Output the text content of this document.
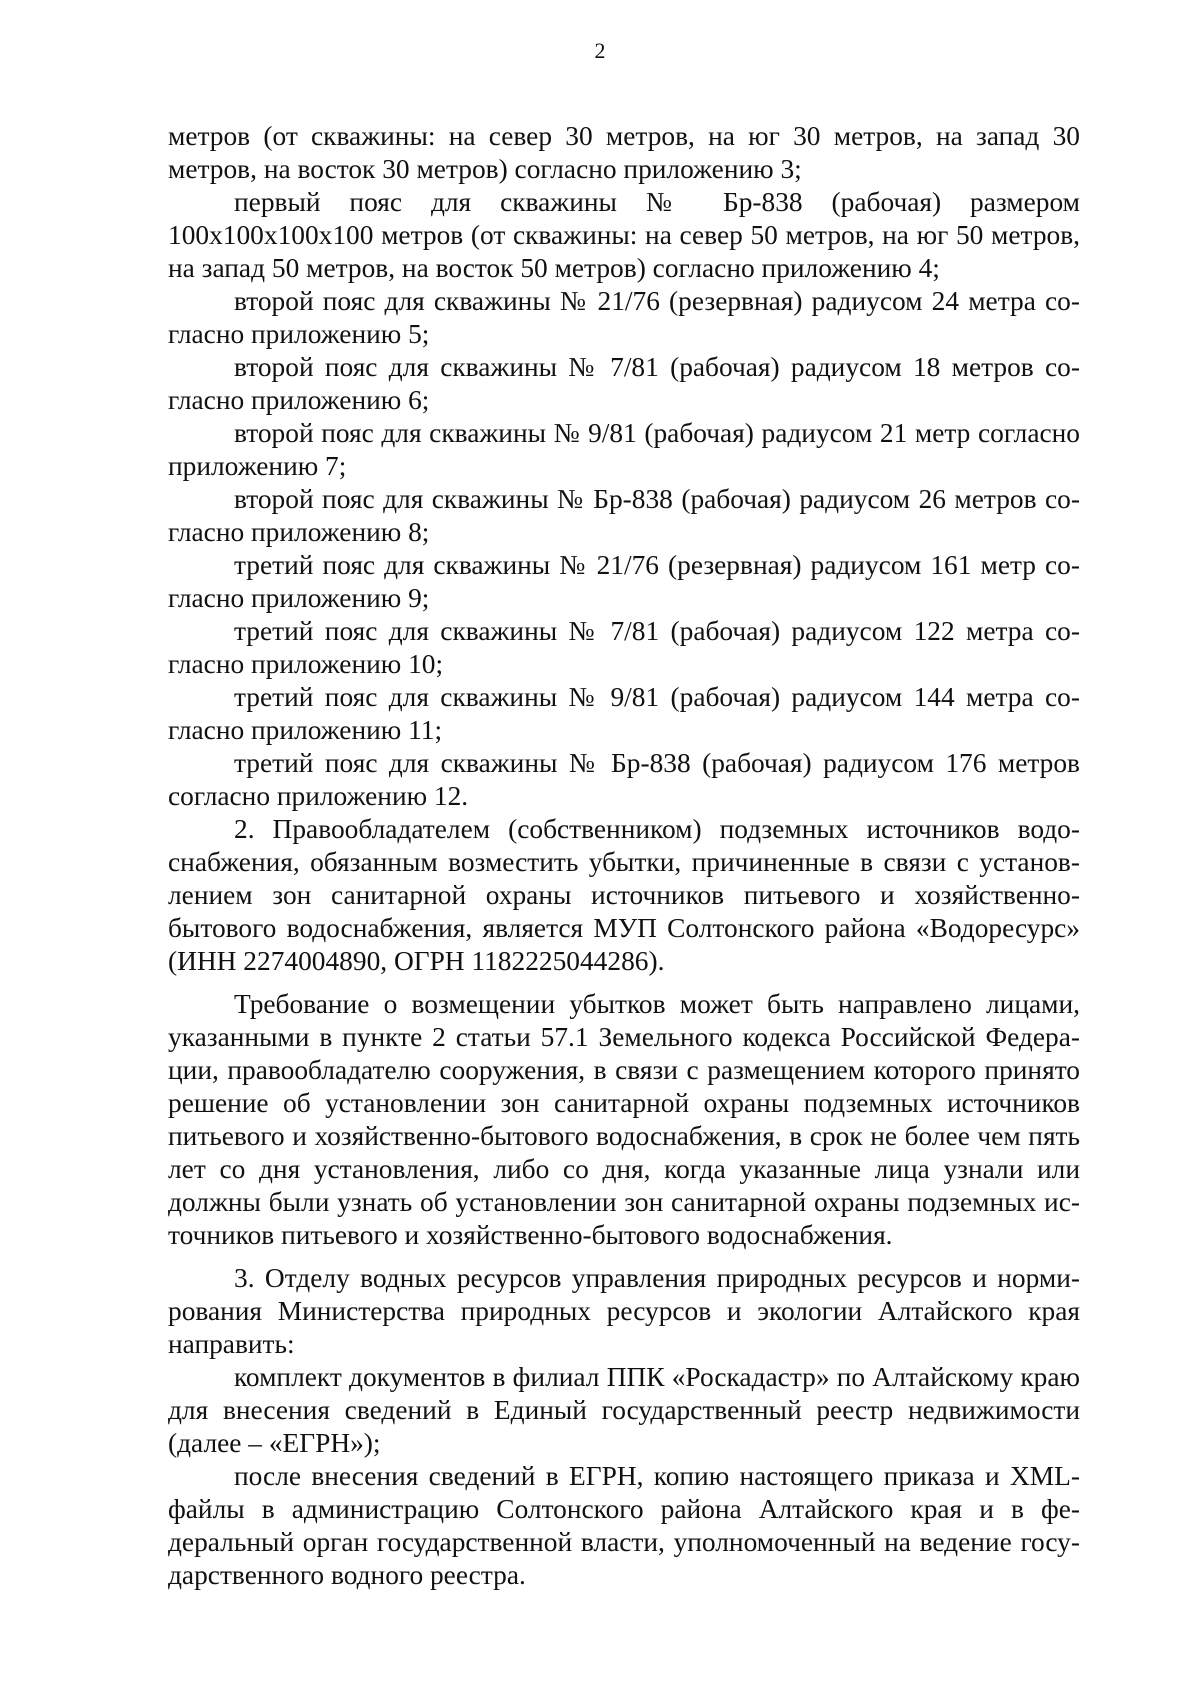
2

метров (от скважины: на север 30 метров, на юг 30 метров, на запад 30 метров, на восток 30 метров) согласно приложению 3;

первый пояс для скважины № Бр-838 (рабочая) размером 100х100х100х100 метров (от скважины: на север 50 метров, на юг 50 метров, на запад 50 метров, на восток 50 метров) согласно приложению 4;

второй пояс для скважины № 21/76 (резервная) радиусом 24 метра согласно приложению 5;

второй пояс для скважины № 7/81 (рабочая) радиусом 18 метров согласно приложению 6;

второй пояс для скважины № 9/81 (рабочая) радиусом 21 метр согласно приложению 7;

второй пояс для скважины № Бр-838 (рабочая) радиусом 26 метров согласно приложению 8;

третий пояс для скважины № 21/76 (резервная) радиусом 161 метр согласно приложению 9;

третий пояс для скважины № 7/81 (рабочая) радиусом 122 метра согласно приложению 10;

третий пояс для скважины № 9/81 (рабочая) радиусом 144 метра согласно приложению 11;

третий пояс для скважины № Бр-838 (рабочая) радиусом 176 метров согласно приложению 12.

2. Правообладателем (собственником) подземных источников водоснабжения, обязанным возместить убытки, причиненные в связи с установлением зон санитарной охраны источников питьевого и хозяйственно-бытового водоснабжения, является МУП Солтонского района «Водоресурс» (ИНН 2274004890, ОГРН 1182225044286).

Требование о возмещении убытков может быть направлено лицами, указанными в пункте 2 статьи 57.1 Земельного кодекса Российской Федерации, правообладателю сооружения, в связи с размещением которого принято решение об установлении зон санитарной охраны подземных источников питьевого и хозяйственно-бытового водоснабжения, в срок не более чем пять лет со дня установления, либо со дня, когда указанные лица узнали или должны были узнать об установлении зон санитарной охраны подземных источников питьевого и хозяйственно-бытового водоснабжения.

3. Отделу водных ресурсов управления природных ресурсов и нормирования Министерства природных ресурсов и экологии Алтайского края направить:

комплект документов в филиал ППК «Роскадастр» по Алтайскому краю для внесения сведений в Единый государственный реестр недвижимости (далее – «ЕГРН»);

после внесения сведений в ЕГРН, копию настоящего приказа и XML-файлы в администрацию Солтонского района Алтайского края и в федеральный орган государственной власти, уполномоченный на ведение государственного водного реестра.
